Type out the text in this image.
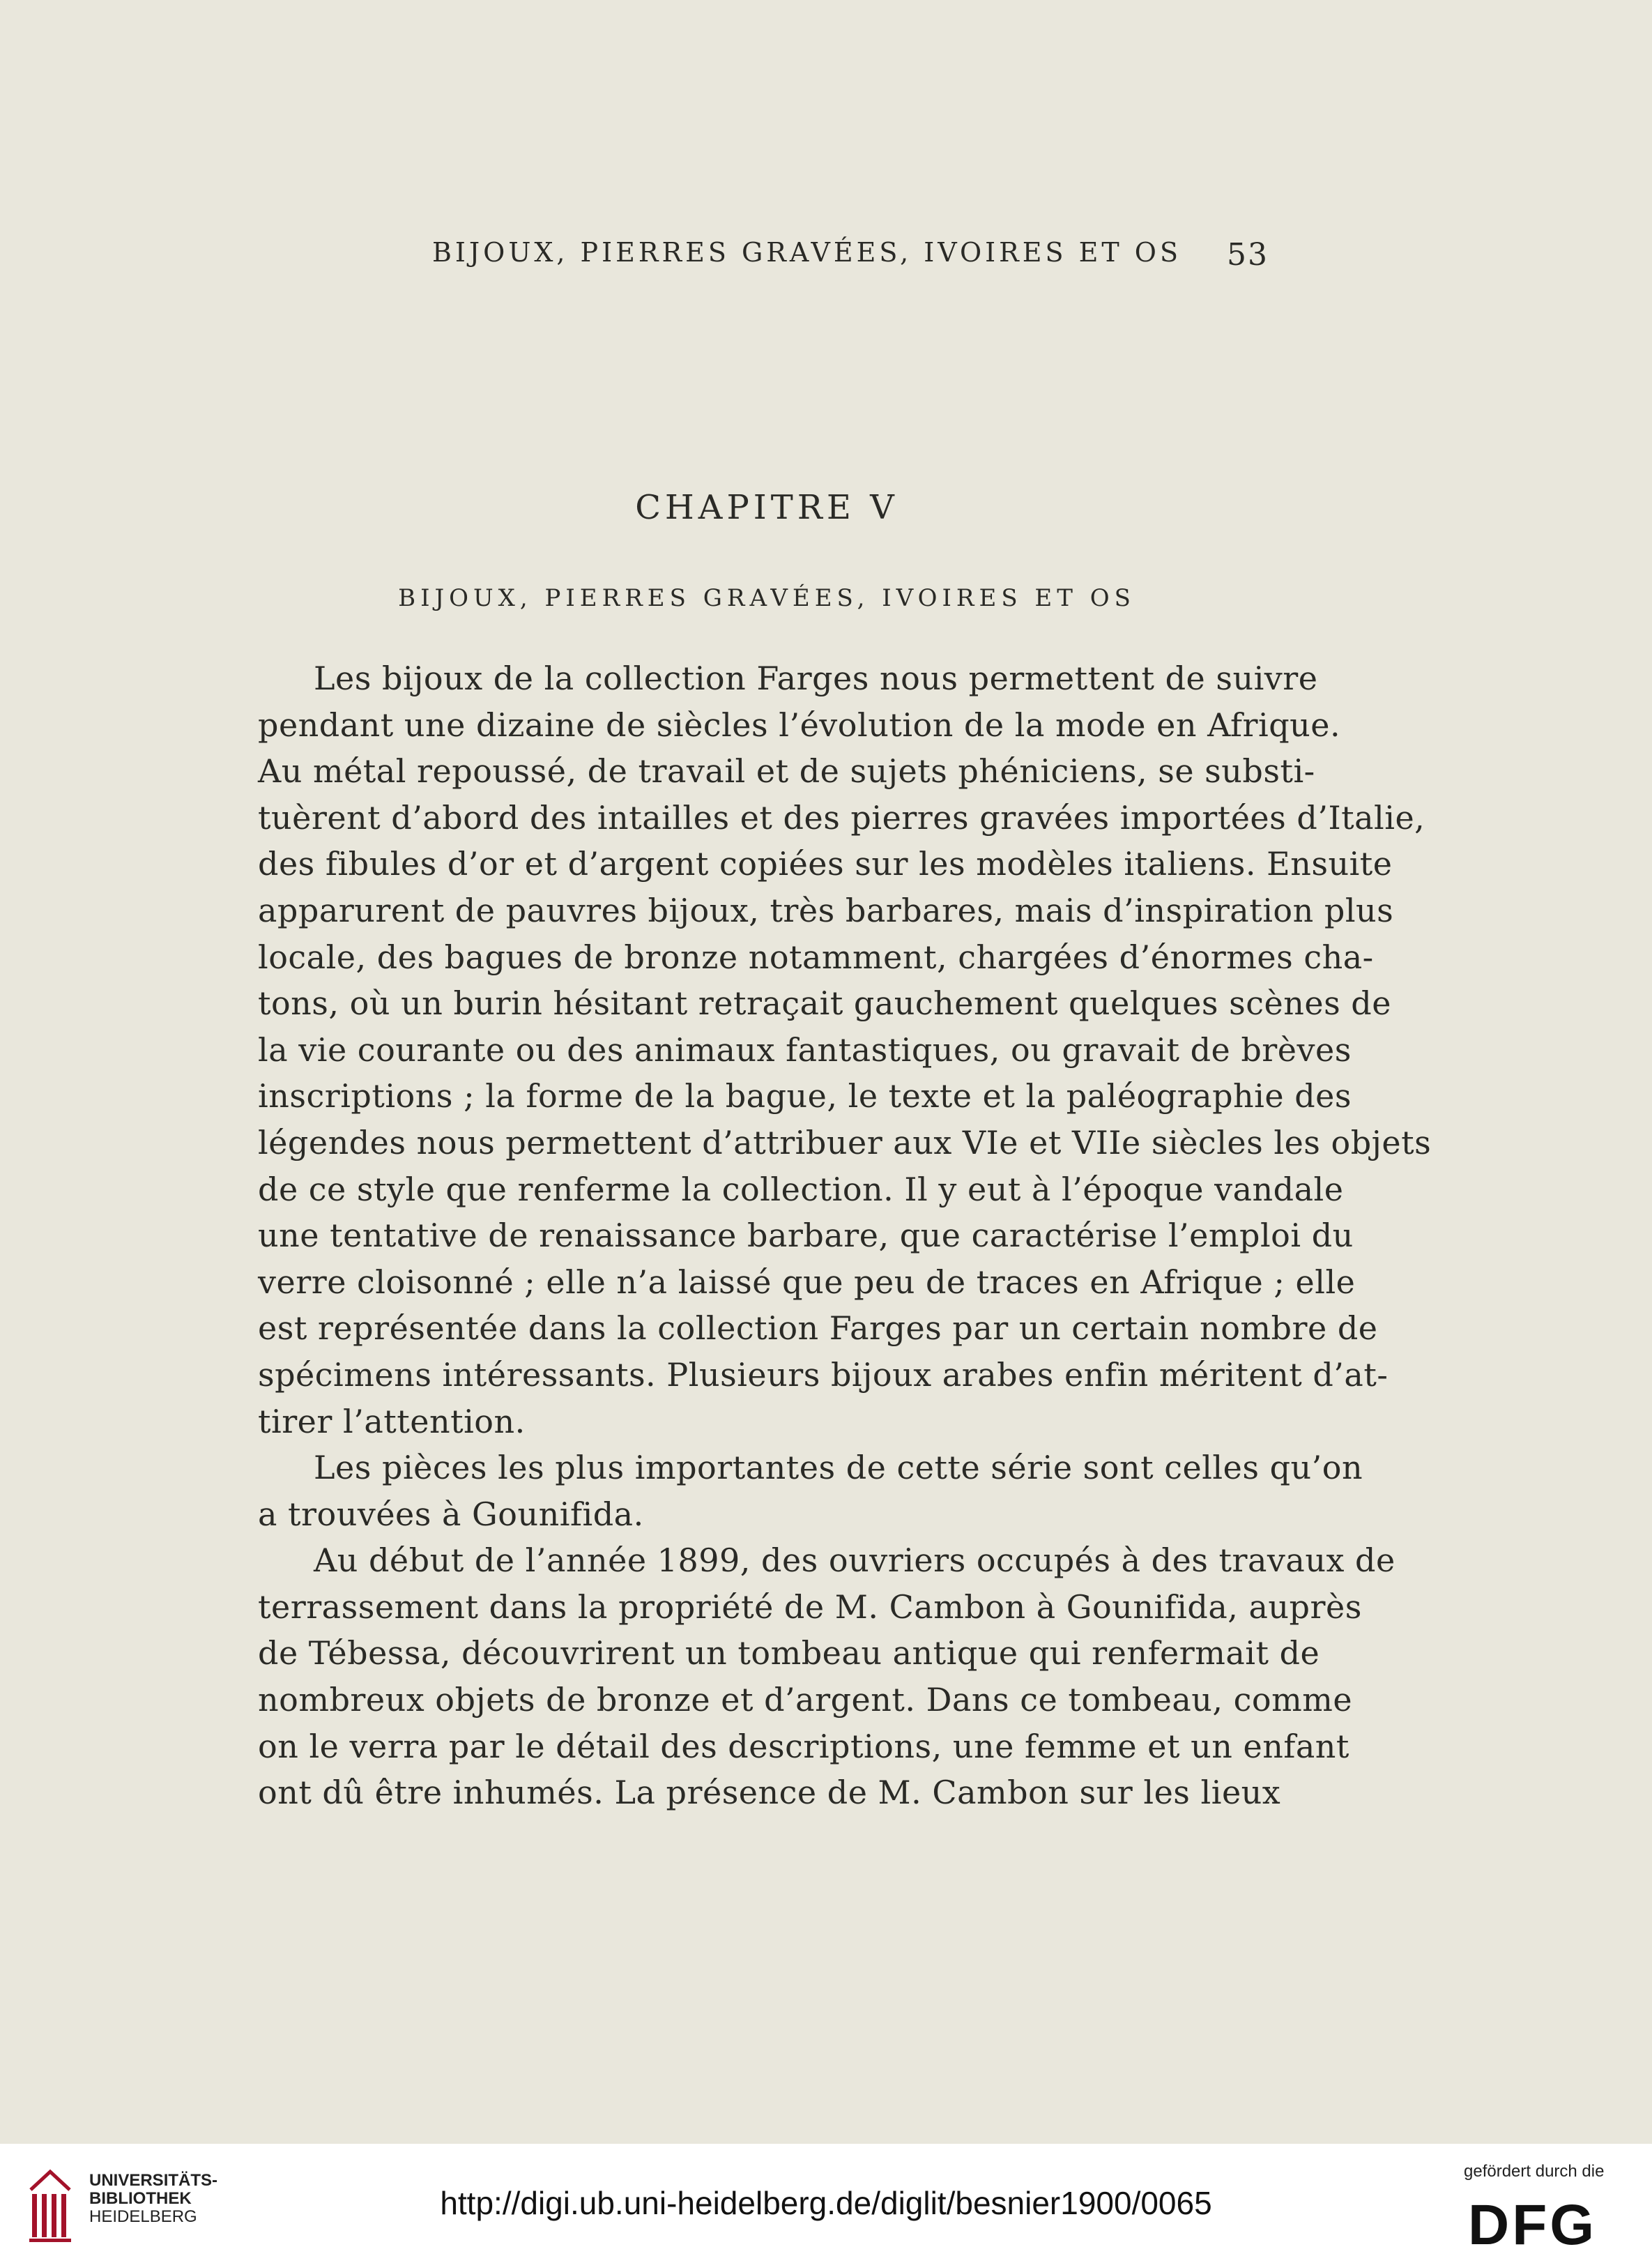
BIJOUX, PIERRES GRAVÉES, IVOIRES ET OS 53
CHAPITRE V
BIJOUX, PIERRES GRAVÉES, IVOIRES ET OS
Les bijoux de la collection Farges nous permettent de suivre
pendant une dizaine de siècles l’évolution de la mode en Afrique.
Au métal repoussé, de travail et de sujets phéniciens, se substi-
tuèrent d’abord des intailles et des pierres gravées importées d’Italie,
des fibules d’or et d’argent copiées sur les modèles italiens. Ensuite
apparurent de pauvres bijoux, très barbares, mais d’inspiration plus
locale, des bagues de bronze notamment, chargées d’énormes cha-
tons, où un burin hésitant retraçait gauchement quelques scènes de
la vie courante ou des animaux fantastiques, ou gravait de brèves
inscriptions ; la forme de la bague, le texte et la paléographie des
légendes nous permettent d’attribuer aux VIe et VIIe siècles les objets
de ce style que renferme la collection. Il y eut à l’époque vandale
une tentative de renaissance barbare, que caractérise l’emploi du
verre cloisonné ; elle n’a laissé que peu de traces en Afrique ; elle
est représentée dans la collection Farges par un certain nombre de
spécimens intéressants. Plusieurs bijoux arabes enfin méritent d’at-
tirer l’attention.
Les pièces les plus importantes de cette série sont celles qu’on
a trouvées à Gounifida.
Au début de l’année 1899, des ouvriers occupés à des travaux de
terrassement dans la propriété de M. Cambon à Gounifida, auprès
de Tébessa, découvrirent un tombeau antique qui renfermait de
nombreux objets de bronze et d’argent. Dans ce tombeau, comme
on le verra par le détail des descriptions, une femme et un enfant
ont dû être inhumés. La présence de M. Cambon sur les lieux
UNIVERSITÄTS-
BIBLIOTHEK
HEIDELBERG	http://digi.ub.uni-heidelberg.de/diglit/besnier1900/0065
gefördert durch die
DFG
